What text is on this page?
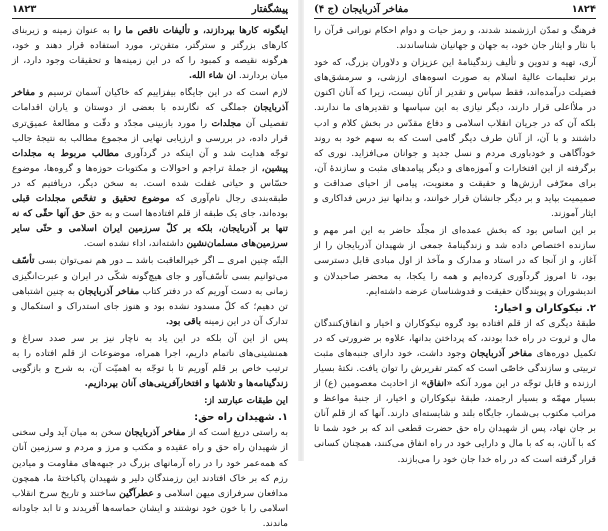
پیشگفتار
۱۸۲۳

اینگونه کارها بپردازند، و تألیفات ناقص ما را به عنوان زمینه و زیربنای کارهای بزرگتر و سترگتر، متقن‌تر، مورد استفاده قرار دهند و خود، هرگونه نقیصه و کمبود را که در این زمینه‌ها و تحقیقات وجود دارد، از میان بردارند. ان شاء الله.

لازم است که در این جایگاه بیفزاییم که خاکیان آسمان ترسیم و مفاخر آذربایجان جملگی که نگارنده با بعضی از دوستان و یاران اقدامات تفصیلی آن مجلدات را مورد بازبینی مجدّد و دقّت و مطالعهٔ عمیق‌تری قرار داده، در بررسی و ارزیابی نهایی از مجموع مطالب به نتیجهٔ جالب توجّه هدایت شد و آن اینکه در گردآوری مطالب مربوط به مجلدات پیشین، از جملهٔ تراجم و احوالات و مکتوبات حوزه‌ها و گروه‌ها، موضوع حسّاس و حیاتی غفلت شده است. به سخن دیگر، دریافتیم که در طبقه‌بندی رجال نام‌آوری که موضوع تحقیق و تفحّص مجلدات قبلی بوده‌اند، جای یک طبقه از قلم افتاده‌ها است و به حق حق آنها حقّی که نه تنها بر آذربایجان، بلکه بر کلّ سرزمین ایران اسلامی و حتّی سایر سرزمین‌های مسلمان‌نشین داشته‌اند، اداء نشده است.

البتّه چنین امری ــ اگر خیرالعاقبت باشد ــ دور هم نمی‌توان بسی تأسّف می‌توانیم بسی تأسّف‌آور و جای هیچ‌گونه شکّی در ایران و عبرت‌انگیزی زمانی به دست آوریم که در دفتر کتاب مفاخر آذربایجان به چنین اشتباهی تن دهیم؛ که کلّ مسدود نشده بود و هنوز جای استدراک و استکمال و تدارک آن در این زمینه باقی بود.

پس از این آن بلکه در این یاد به ناچار نیز بر سر صدد سراغ و همنشینی‌های ناتمام داریم، اجرا همراه، موضوعات از قلم افتاده را به ترتیب خاص بر قلم آوریم تا با توجّه به اهمیّت آن، به شرح و بازگویی زندگینامه‌ها و تلاشها و افتخارآفرینی‌های آنان بپردازیم.

این طبقات عبارتند از:

۱. شهیدان راه حق:

به راستی دریغ است که از مفاخر آذربایجان سخن به میان آید ولی سخنی از شهیدان راه حق و راه عقیده و مکتب و مرز و مردم و سرزمین آنان که همه‌عمر خود را در راه آرمانهای بزرگ در جبهه‌های مقاومت و میادین رزم که بر خاک افتادند این رزمندگان دلیر و شهیدان پاکباختهٔ ما، همچون مدافعان سرفرازی میهن اسلامی و عطرآگین ساختند و تاریخ سرخ انقلاب اسلامی را با خون خود نوشتند و ایشان حماسه‌ها آفریدند و تا ابد جاودانه ماندند.

۱۸۲۴
مفاخر آذربایجان (ج ۴)

فرهنگ و تمدّن ارزشمند شدند، و رمز حیات و دوام احکام نورانی قرآن را با نثار و ایثار جان خود، به جهان و جهانیان شناساندند.

آری، تهیه و تدوین و تألیف زندگینامهٔ این عزیزان و دلاوران بزرگ، که خود برتر تعلیمات عالیهٔ اسلام به صورت اسوه‌های ارزشی، و سرمشق‌های فضیلت درآمده‌اند، فقط سپاس و تقدیر از آنان نیست، زیرا که آنان اکنون در ملأاعلی قرار دارند، دیگر نیازی به این سپاسها و تقدیرهای ما ندارند. بلکه آن که در جریان انقلاب اسلامی و دفاع مقدّس در بخش کلام و ادب داشتند و با آن، از آنان طرف دیگر گامی است که به سهم خود به روند خودآگاهی و خودباوری مردم و نسل جدید و جوانان می‌افزاید. نوری که برگرفته از این افتخارات و آموزه‌های و دیگر پیامدهای مثبت و سازندهٔ آن، برای معرّفی ارزش‌ها و حقیقت و معنویت، پیامی از احیای صداقت و صمیمیت بپاید و بر دیگر جانشان قرار خوانند، و بدانها نیز درس فداکاری و ایثار آموزند.

بر این اساس بود که بخش عمده‌ای از مجلّد حاضر به این امر مهم و سازنده اختصاص داده شد و زندگینامهٔ جمعی از شهیدان آذربایجان را از آغاز، و از آنجا که در استاد و مدارک و مآخذ از اول مبادی قابل دسترسی بود، تا امروز گردآوری کرده‌ایم و همه را یکجا، به محضر صاحبدلان و اندیشوران و پویندگان حقیقت و فدوشناسان عرضه داشته‌ایم.

۲. نیکوکاران و اخیار:

طبقهٔ دیگری که از قلم افتاده بود گروه نیکوکاران و اخیار و انفاق‌کنندگان مال و ثروت در راه خدا بودند، که پرداختن بدانها، علاوه بر ضرورتی که در تکمیل دوره‌های مفاخر آذربایجان وجود داشت، خود دارای جنبه‌های مثبت تربیتی و سازندگی خاصّی است که کمتر تقریرش را توان یافت. نکتهٔ بسیار ارزنده و قابل توجّه در این مورد آنکه «انفاق» از احادیث معصومین (ع) از بسیار مهمّه و بسیار ارجمند، طبقهٔ نیکوکاران و اخیار، از جنبهٔ مواعظ و مراتب مکتوب بی‌شمار، جایگاه بلند و شایسته‌ای دارند. آنها که از قلم آنان بر جان نهاد، پس از شهیدان راه حق حضرت قطعی اند که بر خود شما تا که با آنان، به که با مال و دارایی خود در راه انفاق می‌کنند، همچنان کسانی قرار گرفته است که در راه خدا جان خود را می‌بازند.
